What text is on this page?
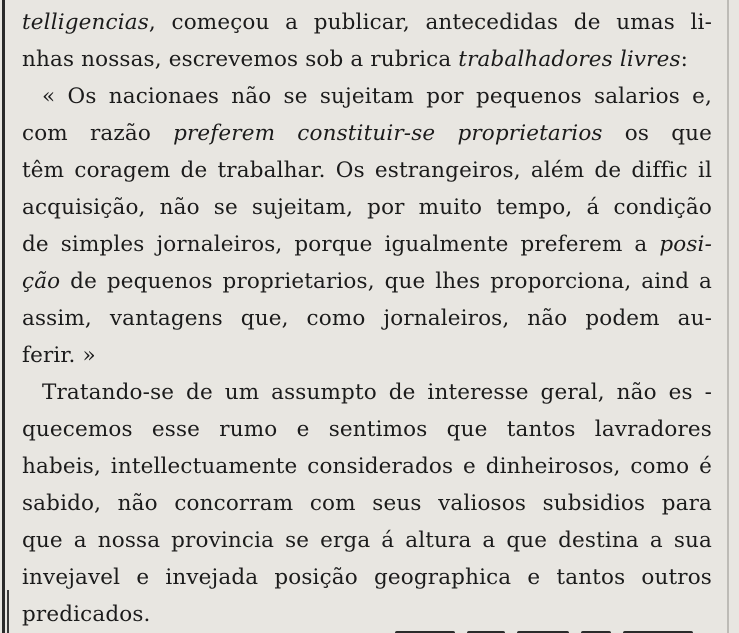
telligencias, começou a publicar, antecedidas de umas li-
nhas nossas, escrevemos sob a rubrica trabalhadores livres:
« Os nacionaes não se sujeitam por pequenos salarios e,
com razão preferem constituir-se proprietarios os que
têm coragem de trabalhar. Os estrangeiros, além de diffic il
acquisição, não se sujeitam, por muito tempo, á condição
de simples jornaleiros, porque igualmente preferem a posi-
ção de pequenos proprietarios, que lhes proporciona, aind a
assim, vantagens que, como jornaleiros, não podem au-
ferir. »
Tratando-se de um assumpto de interesse geral, não es -
quecemos esse rumo e sentimos que tantos lavradores
habeis, intellectuamente considerados e dinheirosos, como é
sabido, não concorram com seus valiosos subsidios para
que a nossa provincia se erga á altura a que destina a sua
invejavel e invejada posição geographica e tantos outros
predicados.
